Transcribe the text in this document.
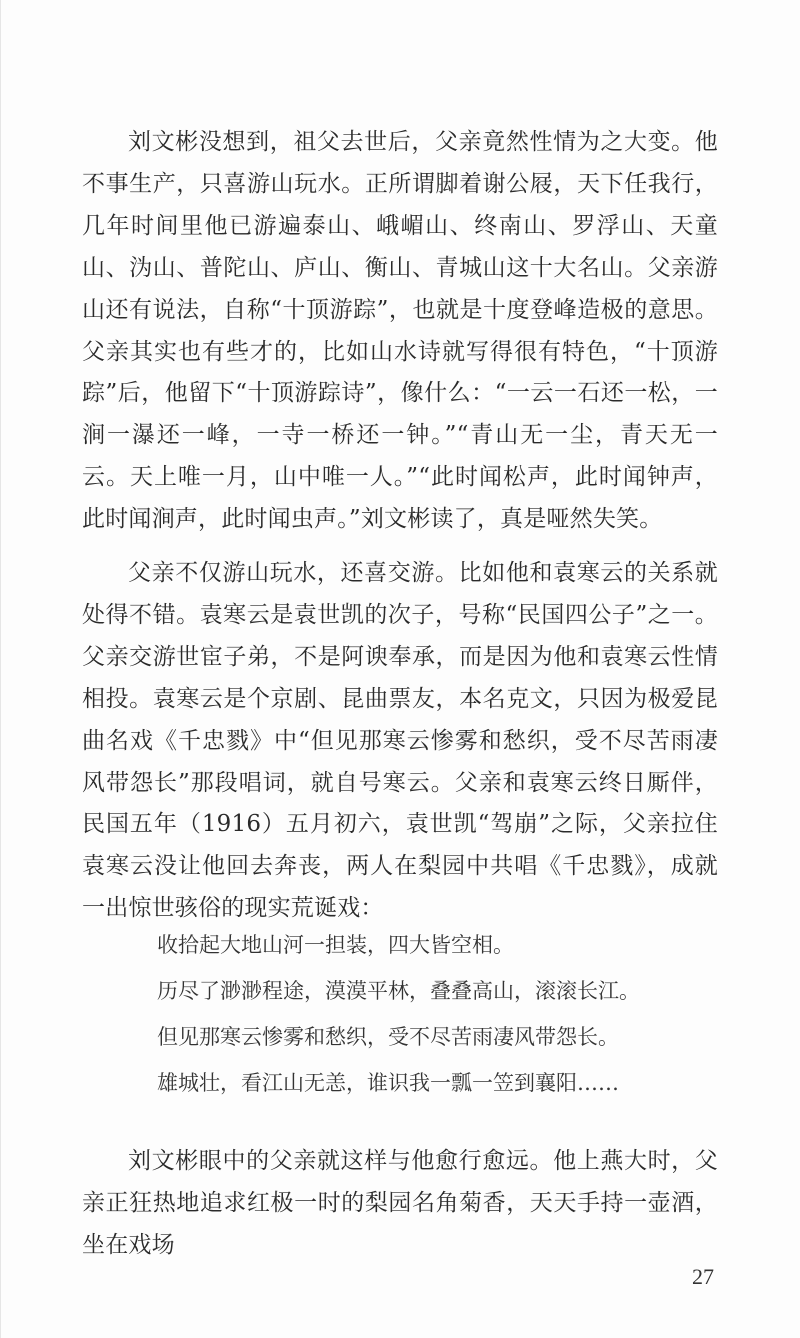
刘文彬没想到，祖父去世后，父亲竟然性情为之大变。他不事生产，只喜游山玩水。正所谓脚着谢公屐，天下任我行，几年时间里他已游遍泰山、峨嵋山、终南山、罗浮山、天童山、沩山、普陀山、庐山、衡山、青城山这十大名山。父亲游山还有说法，自称“十顶游踪”，也就是十度登峰造极的意思。父亲其实也有些才的，比如山水诗就写得很有特色，“十顶游踪”后，他留下“十顶游踪诗”，像什么：“一云一石还一松，一涧一瀑还一峰，一寺一桥还一钟。”“青山无一尘，青天无一云。天上唯一月，山中唯一人。”“此时闻松声，此时闻钟声，此时闻涧声，此时闻虫声。”刘文彬读了，真是哑然失笑。

父亲不仅游山玩水，还喜交游。比如他和袁寒云的关系就处得不错。袁寒云是袁世凯的次子，号称“民国四公子”之一。父亲交游世宦子弟，不是阿谀奉承，而是因为他和袁寒云性情相投。袁寒云是个京剧、昆曲票友，本名克文，只因为极爱昆曲名戏《千忠戮》中“但见那寒云惨雾和愁织，受不尽苦雨凄风带怨长”那段唱词，就自号寒云。父亲和袁寒云终日厮伴，民国五年（1916）五月初六，袁世凯“驾崩”之际，父亲拉住袁寒云没让他回去奔丧，两人在梨园中共唱《千忠戮》，成就一出惊世骇俗的现实荒诞戏：

收拾起大地山河一担装，四大皆空相。
历尽了渺渺程途，漠漠平林，叠叠高山，滚滚长江。
但见那寒云惨雾和愁织，受不尽苦雨凄风带怨长。
雄城壮，看江山无恙，谁识我一瓢一笠到襄阳……

刘文彬眼中的父亲就这样与他愈行愈远。他上燕大时，父亲正狂热地追求红极一时的梨园名角菊香，天天手持一壶酒，坐在戏场

27
